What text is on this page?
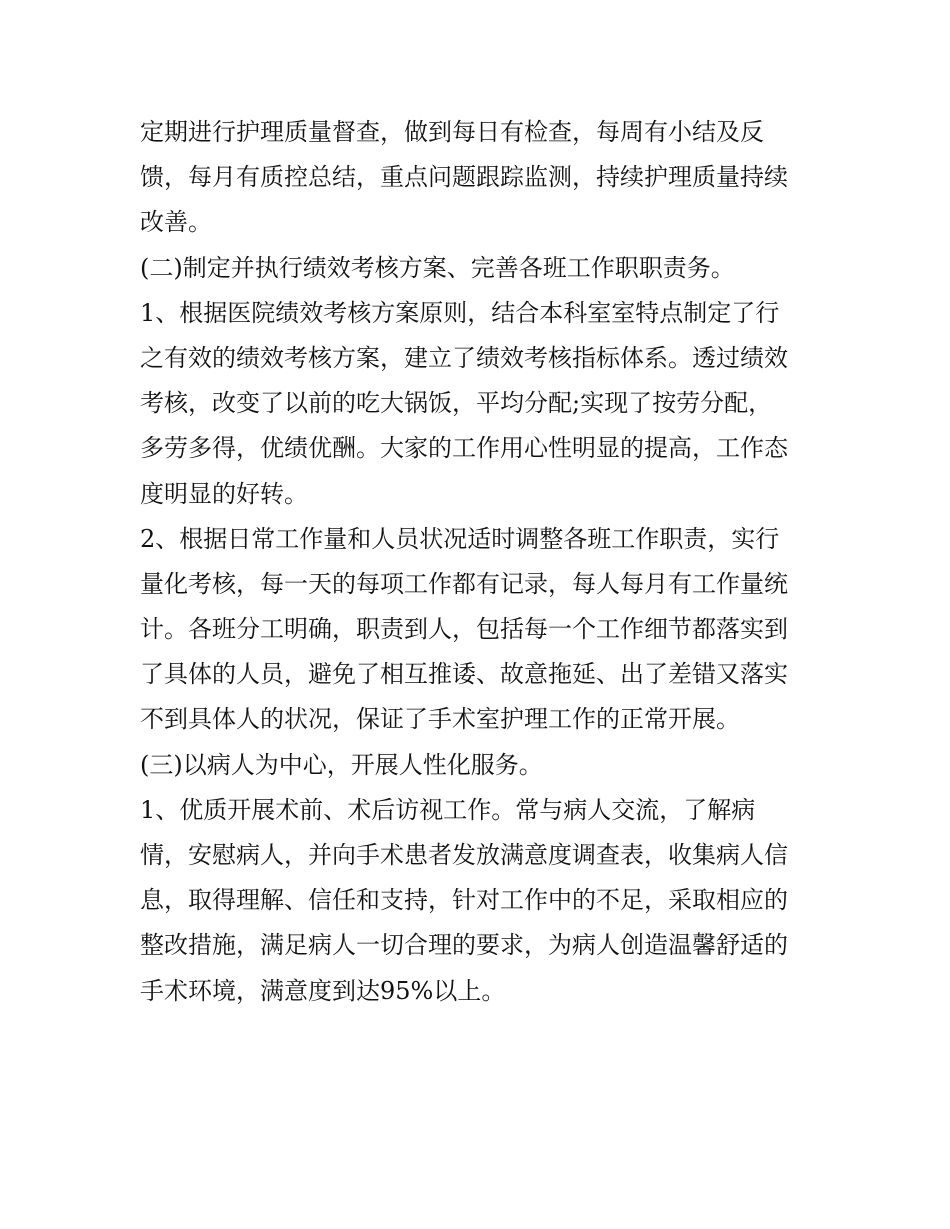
定期进行护理质量督查，做到每日有检查，每周有小结及反
馈，每月有质控总结，重点问题跟踪监测，持续护理质量持续
改善。
(二)制定并执行绩效考核方案、完善各班工作职职责务。
1、根据医院绩效考核方案原则，结合本科室室特点制定了行
之有效的绩效考核方案，建立了绩效考核指标体系。透过绩效
考核，改变了以前的吃大锅饭，平均分配;实现了按劳分配，
多劳多得，优绩优酬。大家的工作用心性明显的提高，工作态
度明显的好转。
2、根据日常工作量和人员状况适时调整各班工作职责，实行
量化考核，每一天的每项工作都有记录，每人每月有工作量统
计。各班分工明确，职责到人，包括每一个工作细节都落实到
了具体的人员，避免了相互推诿、故意拖延、出了差错又落实
不到具体人的状况，保证了手术室护理工作的正常开展。
(三)以病人为中心，开展人性化服务。
1、优质开展术前、术后访视工作。常与病人交流，了解病
情，安慰病人，并向手术患者发放满意度调查表，收集病人信
息，取得理解、信任和支持，针对工作中的不足，采取相应的
整改措施，满足病人一切合理的要求，为病人创造温馨舒适的
手术环境，满意度到达95%以上。
